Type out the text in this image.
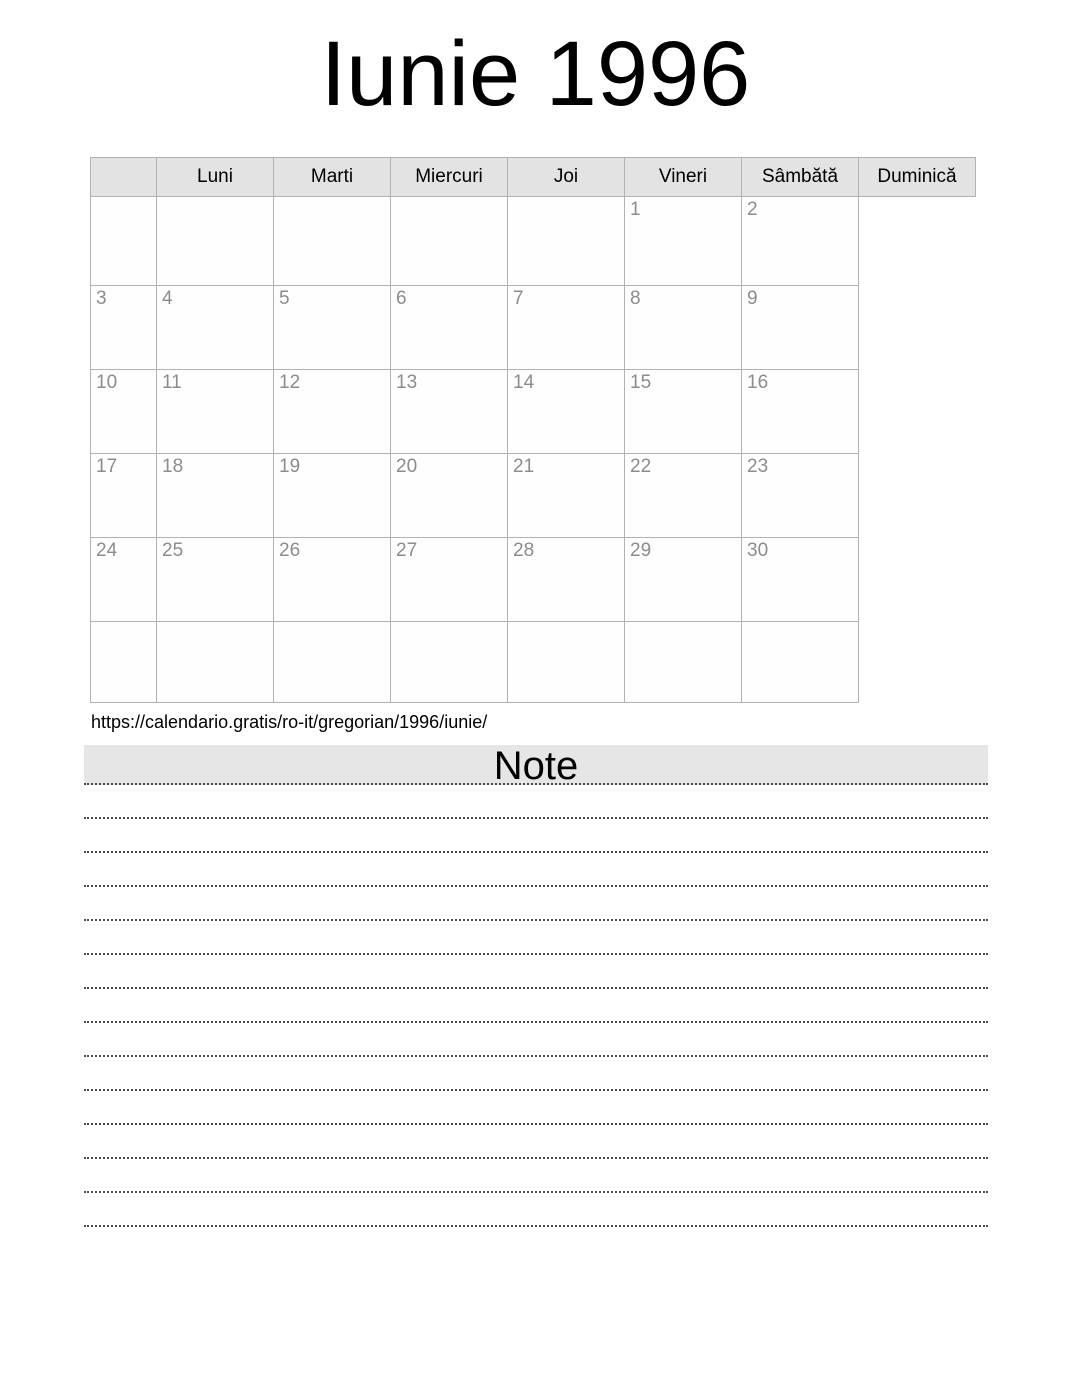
Iunie 1996
	Luni	Marti	Miercuri	Joi	Vineri	Sâmbătă	Duminică
					1	2	
3	4	5	6	7	8	9	
10	11	12	13	14	15	16	
17	18	19	20	21	22	23	
24	25	26	27	28	29	30	

https://calendario.gratis/ro-it/gregorian/1996/iunie/
Note
